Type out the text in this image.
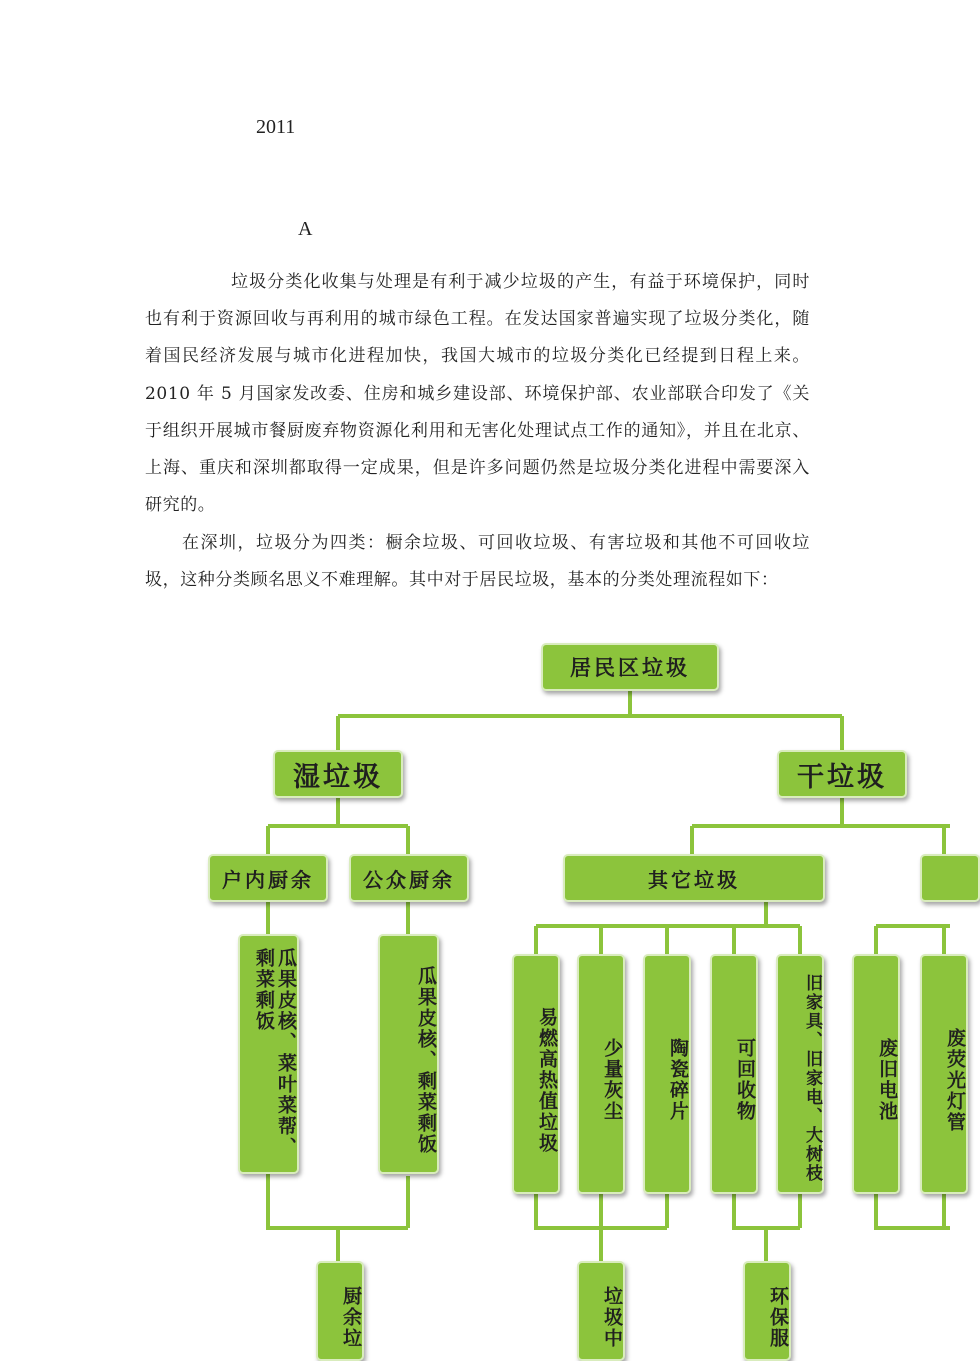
2011
A

垃圾分类化收集与处理是有利于减少垃圾的产生，有益于环境保护，同时也有利于资源回收与再利用的城市绿色工程。在发达国家普遍实现了垃圾分类化，随着国民经济发展与城市化进程加快，我国大城市的垃圾分类化已经提到日程上来。2010 年 5 月国家发改委、住房和城乡建设部、环境保护部、农业部联合印发了《关于组织开展城市餐厨废弃物资源化利用和无害化处理试点工作的通知》，并且在北京、上海、重庆和深圳都取得一定成果，但是许多问题仍然是垃圾分类化进程中需要深入研究的。

在深圳，垃圾分为四类：橱余垃圾、可回收垃圾、有害垃圾和其他不可回收垃圾，这种分类顾名思义不难理解。其中对于居民垃圾，基本的分类处理流程如下：

居民区垃圾
湿垃圾	干垃圾
户内厨余	公众厨余	其它垃圾
瓜果皮核、菜叶菜帮、剩菜剩饭	瓜果皮核、剩菜剩饭	易燃高热值垃圾	少量灰尘	陶瓷碎片	可回收物	旧家具、旧家电、大树枝	废旧电池	废荧光灯管
厨余垃	垃圾中	环保服
